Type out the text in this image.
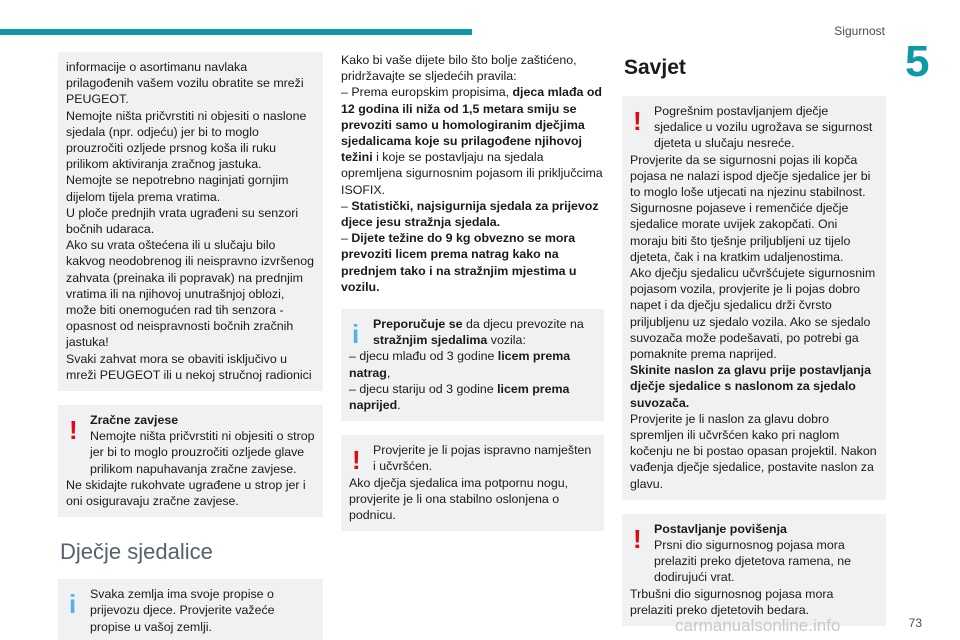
Sigurnost
5

informacije o asortimanu navlaka prilagođenih vašem vozilu obratite se mreži PEUGEOT.

Nemojte ništa pričvrstiti ni objesiti o naslone sjedala (npr. odjeću) jer bi to moglo prouzročiti ozljede prsnog koša ili ruku prilikom aktiviranja zračnog jastuka.

Nemojte se nepotrebno naginjati gornjim dijelom tijela prema vratima.

U ploče prednjih vrata ugrađeni su senzori bočnih udaraca.

Ako su vrata oštećena ili u slučaju bilo kakvog neodobrenog ili neispravno izvršenog zahvata (preinaka ili popravak) na prednjim vratima ili na njihovoj unutrašnjoj oblozi, može biti onemogućen rad tih senzora - opasnost od neispravnosti bočnih zračnih jastuka!

Svaki zahvat mora se obaviti isključivo u mreži PEUGEOT ili u nekoj stručnoj radionici

! Zračne zavjese

Nemojte ništa pričvrstiti ni objesiti o strop jer bi to moglo prouzročiti ozljede glave prilikom napuhavanja zračne zavjese.

Ne skidajte rukohvate ugrađene u strop jer i oni osiguravaju zračne zavjese.

Dječje sjedalice
i	Svaka zemlja ima svoje propise o prijevozu djece. Provjerite važeće propise u vašoj zemlji.

Kako bi vaše dijete bilo što bolje zaštićeno, pridržavajte se sljedećih pravila:

– Prema europskim propisima, djeca mlađa od 12 godina ili niža od 1,5 metara smiju se prevoziti samo u homologiranim dječjima sjedalicama koje su prilagođene njihovoj težini i koje se postavljaju na sjedala opremljena sigurnosnim pojasom ili priključcima ISOFIX.

– Statistički, najsigurnija sjedala za prijevoz djece jesu stražnja sjedala.

– Dijete težine do 9 kg obvezno se mora prevoziti licem prema natrag kako na prednjem tako i na stražnjim mjestima u vozilu.

i	Preporučuje se da djecu prevozite na stražnjim sjedalima vozila:

– djecu mlađu od 3 godine licem prema natrag,

– djecu stariju od 3 godine licem prema naprijed.

! Provjerite je li pojas ispravno namješten i učvršćen.

Ako dječja sjedalica ima potpornu nogu, provjerite je li ona stabilno oslonjena o podnicu.

Savjet
! Pogrešnim postavljanjem dječje sjedalice u vozilu ugrožava se sigurnost djeteta u slučaju nesreće.

Provjerite da se sigurnosni pojas ili kopča pojasa ne nalazi ispod dječje sjedalice jer bi to moglo loše utjecati na njezinu stabilnost.

Sigurnosne pojaseve i remenčiće dječje sjedalice morate uvijek zakopčati. Oni moraju biti što tješnje priljubljeni uz tijelo djeteta, čak i na kratkim udaljenostima.

Ako dječju sjedalicu učvršćujete sigurnosnim pojasom vozila, provjerite je li pojas dobro napet i da dječju sjedalicu drži čvrsto priljubljenu uz sjedalo vozila. Ako se sjedalo suvozača može podešavati, po potrebi ga pomaknite prema naprijed.

Skinite naslon za glavu prije postavljanja dječje sjedalice s naslonom za sjedalo suvozača.

Provjerite je li naslon za glavu dobro spremljen ili učvršćen kako pri naglom kočenju ne bi postao opasan projektil. Nakon vađenja dječje sjedalice, postavite naslon za glavu.

! Postavljanje povišenja

Prsni dio sigurnosnog pojasa mora prelaziti preko djetetova ramena, ne dodirujući vrat.

Trbušni dio sigurnosnog pojasa mora prelaziti preko djetetovih bedara.

carmanualsonline.info	73
